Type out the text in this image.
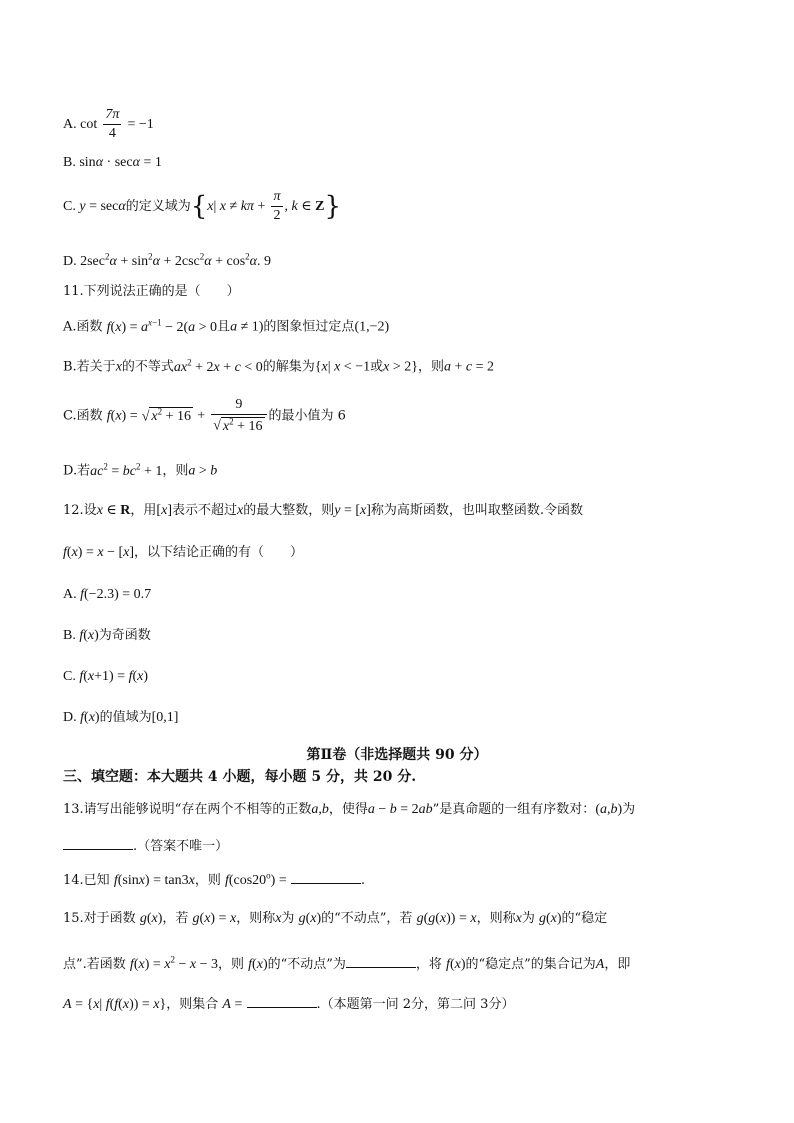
A. $\cot \frac{7\pi}{4} = -1$
B. sinα · secα = 1
C. y = secα的定义域为{x| $x \ne k\pi + \frac{\pi}{2}$ , k ∈ Z}
D. $2\sec^2\alpha + \sin^2\alpha + 2\csc^2\alpha + \cos^2\alpha$. 9
11.下列说法正确的是（　　）
A.函数 $f(x) = a^{x-1} - 2(a > 0$且a ≠ 1)的图象恒过定点(1,−2)
B.若关于x的不等式$ax^2 + 2x + c < 0$的解集为{x| x < −1或x > 2}，则a + c = 2
C.函数 f(x) = √ $x^2 + 16 + \frac{9}{√ x^2 + 16}$ 的最小值为 6
D.若$ac^2 = bc^2 + 1$，则a > b
12.设x ∈ R，用[x]表示不超过x的最大整数，则y = [x]称为高斯函数，也叫取整函数.令函数
f(x) = x − [x]，以下结论正确的有（　　）
A. f(−2.3) = 0.7
B. f(x)为奇函数
C. f(x+1) = f(x)
D. f(x)的值域为[0,1]
第Ⅱ卷（非选择题共 90 分）
三、填空题：本大题共 4 小题，每小题 5 分，共 20 分.
13.请写出能够说明“存在两个不相等的正数a,b，使得a − b = 2ab”是真命题的一组有序数对：(a,b)为
.（答案不唯一）
14.已知 f(sinx) = tan3x，则 $f(\cos 20^o)$ =	.
15.对于函数 g(x)，若 g(x) = x，则称x为 g(x)的“不动点”，若 g(g(x)) = x，则称x为 g(x)的“稳定
点”.若函数 $f(x) = x^2 - x - 3$，则 f(x)的“不动点”为	，将 f(x)的“稳定点”的集合记为A，即
A = {x| f(f(x)) = x}，则集合 A =	.（本题第一问 2分，第二问 3分）
